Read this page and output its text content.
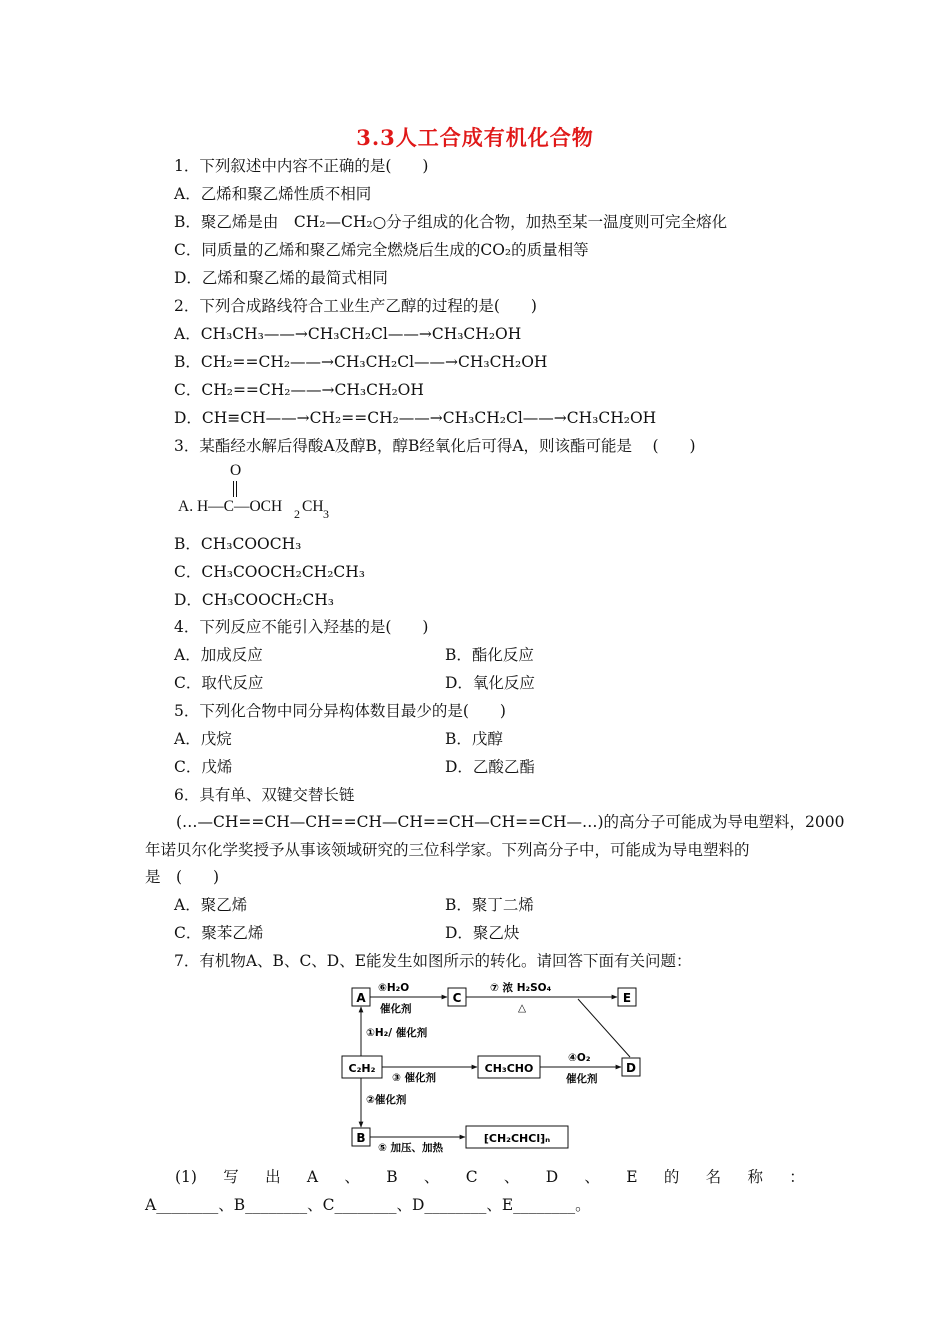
3.3人工合成有机化合物
1．下列叙述中内容不正确的是(　　)
A．乙烯和聚乙烯性质不相同
B．聚乙烯是由　CH₂—CH₂○分子组成的化合物，加热至某一温度则可完全熔化
C．同质量的乙烯和聚乙烯完全燃烧后生成的CO₂的质量相等
D．乙烯和聚乙烯的最简式相同
2．下列合成路线符合工业生产乙醇的过程的是(　　)
A．CH₃CH₃——→CH₃CH₂Cl——→CH₃CH₂OH
B．CH₂==CH₂——→CH₃CH₂Cl——→CH₃CH₂OH
C．CH₂==CH₂——→CH₃CH₂OH
D．CH≡CH——→CH₂==CH₂——→CH₃CH₂Cl——→CH₃CH₂OH
3．某酯经水解后得酸A及醇B，醇B经氧化后可得A，则该酯可能是　 (　　)
O
A. H—C—OCH 2 CH 3
B．CH₃COOCH₃
C．CH₃COOCH₂CH₂CH₃
D．CH₃COOCH₂CH₃
4．下列反应不能引入羟基的是(　　)
A．加成反应	B．酯化反应
C．取代反应	D．氧化反应
5．下列化合物中同分异构体数目最少的是(　　)
A．戊烷	B．戊醇
C．戊烯	D．乙酸乙酯
6．具有单、双键交替长链
(…—CH==CH—CH==CH—CH==CH—CH==CH—…)的高分子可能成为导电塑料，2000
年诺贝尔化学奖授予从事该领域研究的三位科学家。下列高分子中，可能成为导电塑料的
是　(　　)
A．聚乙烯	B．聚丁二烯
C．聚苯乙烯	D．聚乙炔
7．有机物A、B、C、D、E能发生如图所示的转化。请回答下面有关问题：
A	C	E
C₂H₂	CH₃CHO	D
B	⁅CH₂CHCl⁆ₙ
⑥H₂O
催化剂
⑦ 浓 H₂SO₄
△
①H₂/ 催化剂
③ 催化剂
④O₂
催化剂
②催化剂
⑤ 加压、加热
(1) 写 出 A 、 B 、 C 、 D 、 E 的 名 称 ：
A________、B________、C________、D________、E________。
